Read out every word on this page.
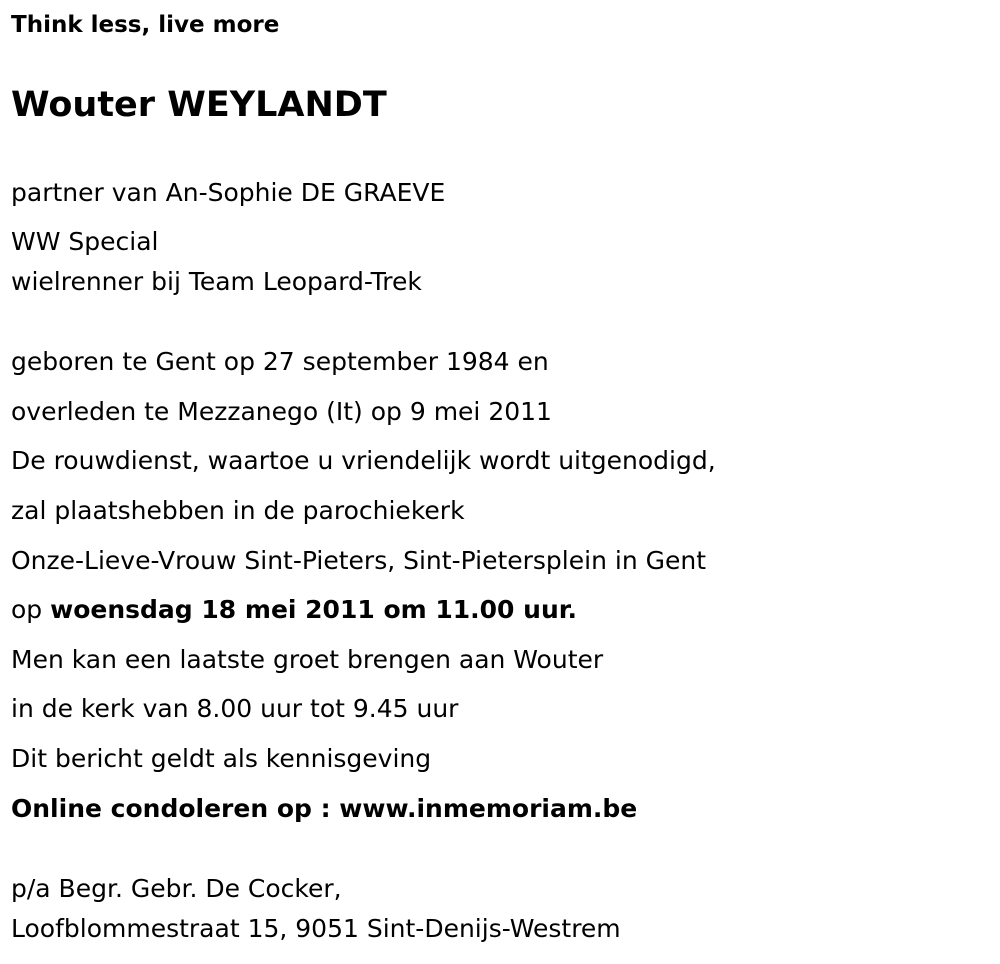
Think less, live more
Wouter WEYLANDT
partner van An-Sophie DE GRAEVE
WW Special
wielrenner bij Team Leopard-Trek
geboren te Gent op 27 september 1984 en
overleden te Mezzanego (It) op 9 mei 2011
De rouwdienst, waartoe u vriendelijk wordt uitgenodigd,
zal plaatshebben in de parochiekerk
Onze-Lieve-Vrouw Sint-Pieters, Sint-Pietersplein in Gent
op woensdag 18 mei 2011 om 11.00 uur.
Men kan een laatste groet brengen aan Wouter
in de kerk van 8.00 uur tot 9.45 uur
Dit bericht geldt als kennisgeving
Online condoleren op : www.inmemoriam.be
p/a Begr. Gebr. De Cocker,
Loofblommestraat 15, 9051 Sint-Denijs-Westrem
